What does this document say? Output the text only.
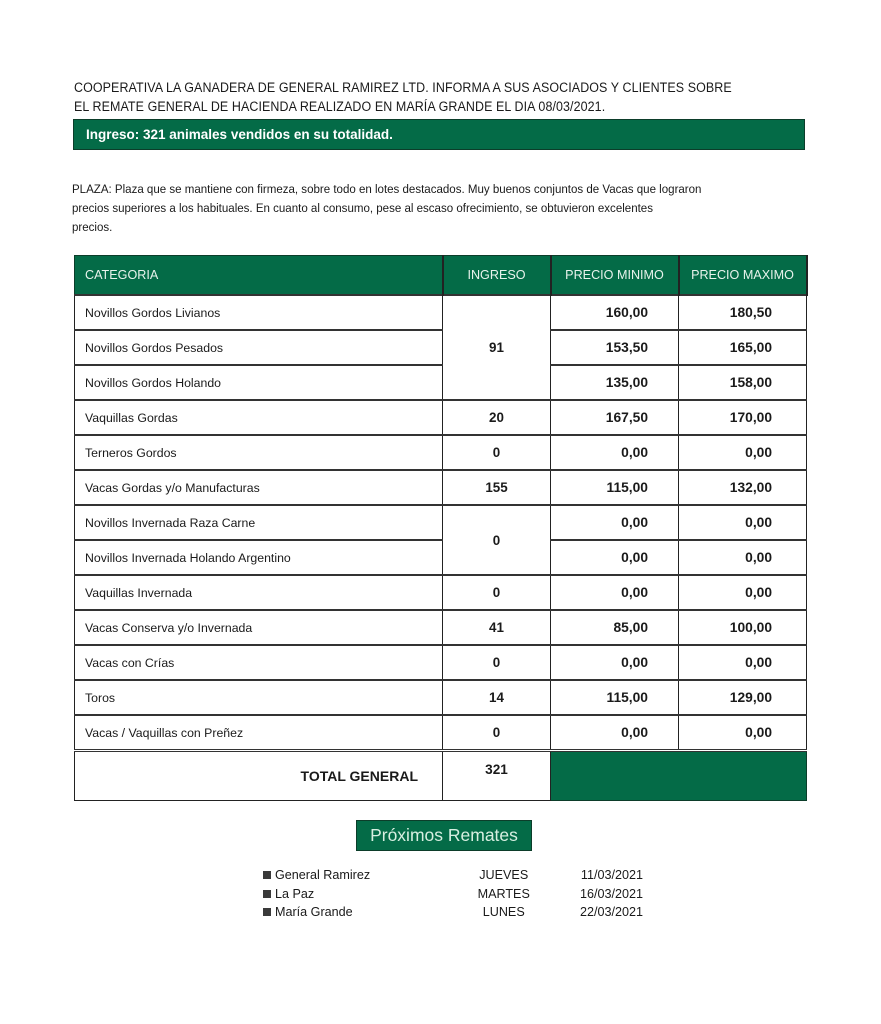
COOPERATIVA LA GANADERA DE GENERAL RAMIREZ LTD. INFORMA A SUS ASOCIADOS Y CLIENTES SOBRE
EL REMATE GENERAL DE HACIENDA REALIZADO EN MARÍA GRANDE EL DIA 08/03/2021.
Ingreso: 321 animales vendidos en su totalidad.
PLAZA: Plaza que se mantiene con firmeza, sobre todo en lotes destacados. Muy buenos conjuntos de Vacas que lograron
precios superiores a los habituales. En cuanto al consumo, pese al escaso ofrecimiento, se obtuvieron excelentes
precios.
CATEGORIA	INGRESO	PRECIO MINIMO	PRECIO MAXIMO
Novillos Gordos Livianos	91	160,00	180,50
Novillos Gordos Pesados		153,50	165,00
Novillos Gordos Holando		135,00	158,00
Vaquillas Gordas	20	167,50	170,00
Terneros Gordos	0	0,00	0,00
Vacas Gordas y/o Manufacturas	155	115,00	132,00
Novillos Invernada Raza Carne	0	0,00	0,00
Novillos Invernada Holando Argentino		0,00	0,00
Vaquillas Invernada	0	0,00	0,00
Vacas Conserva y/o Invernada	41	85,00	100,00
Vacas con Crías	0	0,00	0,00
Toros	14	115,00	129,00
Vacas / Vaquillas con Preñez	0	0,00	0,00
TOTAL GENERAL	321		
Próximos Remates
General Ramirez	JUEVES	11/03/2021
La Paz	MARTES	16/03/2021
María Grande	LUNES	22/03/2021
